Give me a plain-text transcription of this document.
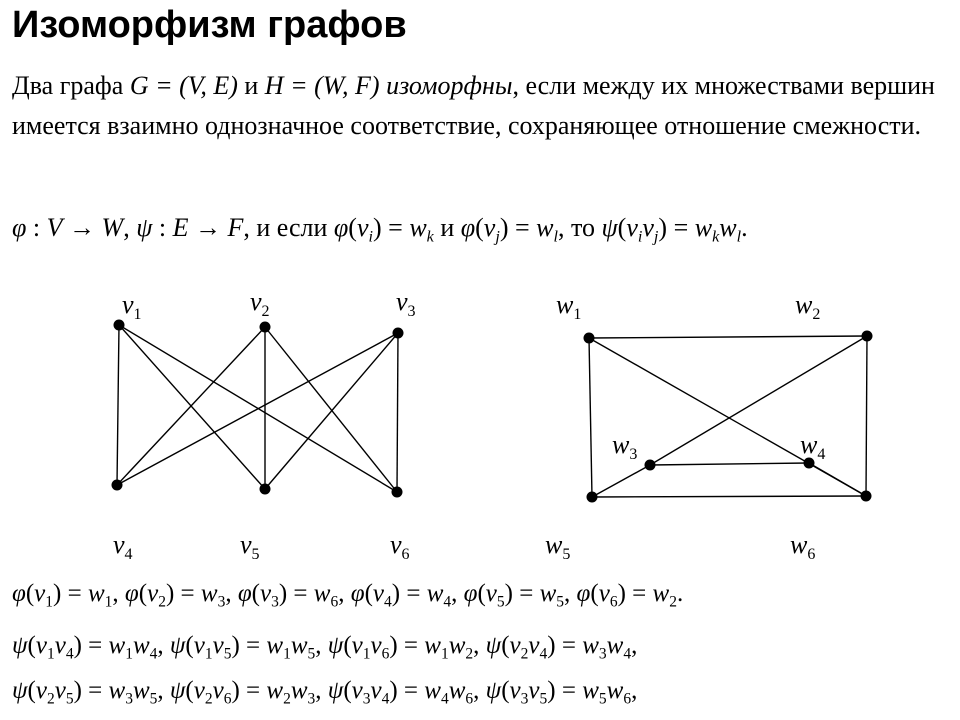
Изоморфизм графов
Два графа G = (V, E) и H = (W, F) изоморфны, если между их множествами вершин имеется взаимно однозначное соответствие, сохраняющее отношение смежности.
φ : V → W, ψ : E → F, и если $\varphi(v_i) = w_k$ и $\varphi(v_j) = w_l$, то $\psi(v_iv_j) = w_kw_l$.
$v_1$	$v_2$	$v_3$
$v_4$	$v_5$	$v_6$
$w_1$	$w_2$
$w_3$	$w_4$
$w_5$	$w_6$
$\varphi(v_1) = w_1$, $\varphi(v_2) = w_3$, $\varphi(v_3) = w_6$, $\varphi(v_4) = w_4$, $\varphi(v_5) = w_5$, $\varphi(v_6) = w_2$.
$\psi(v_1v_4) = w_1w_4$, $\psi(v_1v_5) = w_1w_5$, $\psi(v_1v_6) = w_1w_2$, $\psi(v_2v_4) = w_3w_4$,
$\psi(v_2v_5) = w_3w_5$, $\psi(v_2v_6) = w_2w_3$, $\psi(v_3v_4) = w_4w_6$, $\psi(v_3v_5) = w_5w_6$,
